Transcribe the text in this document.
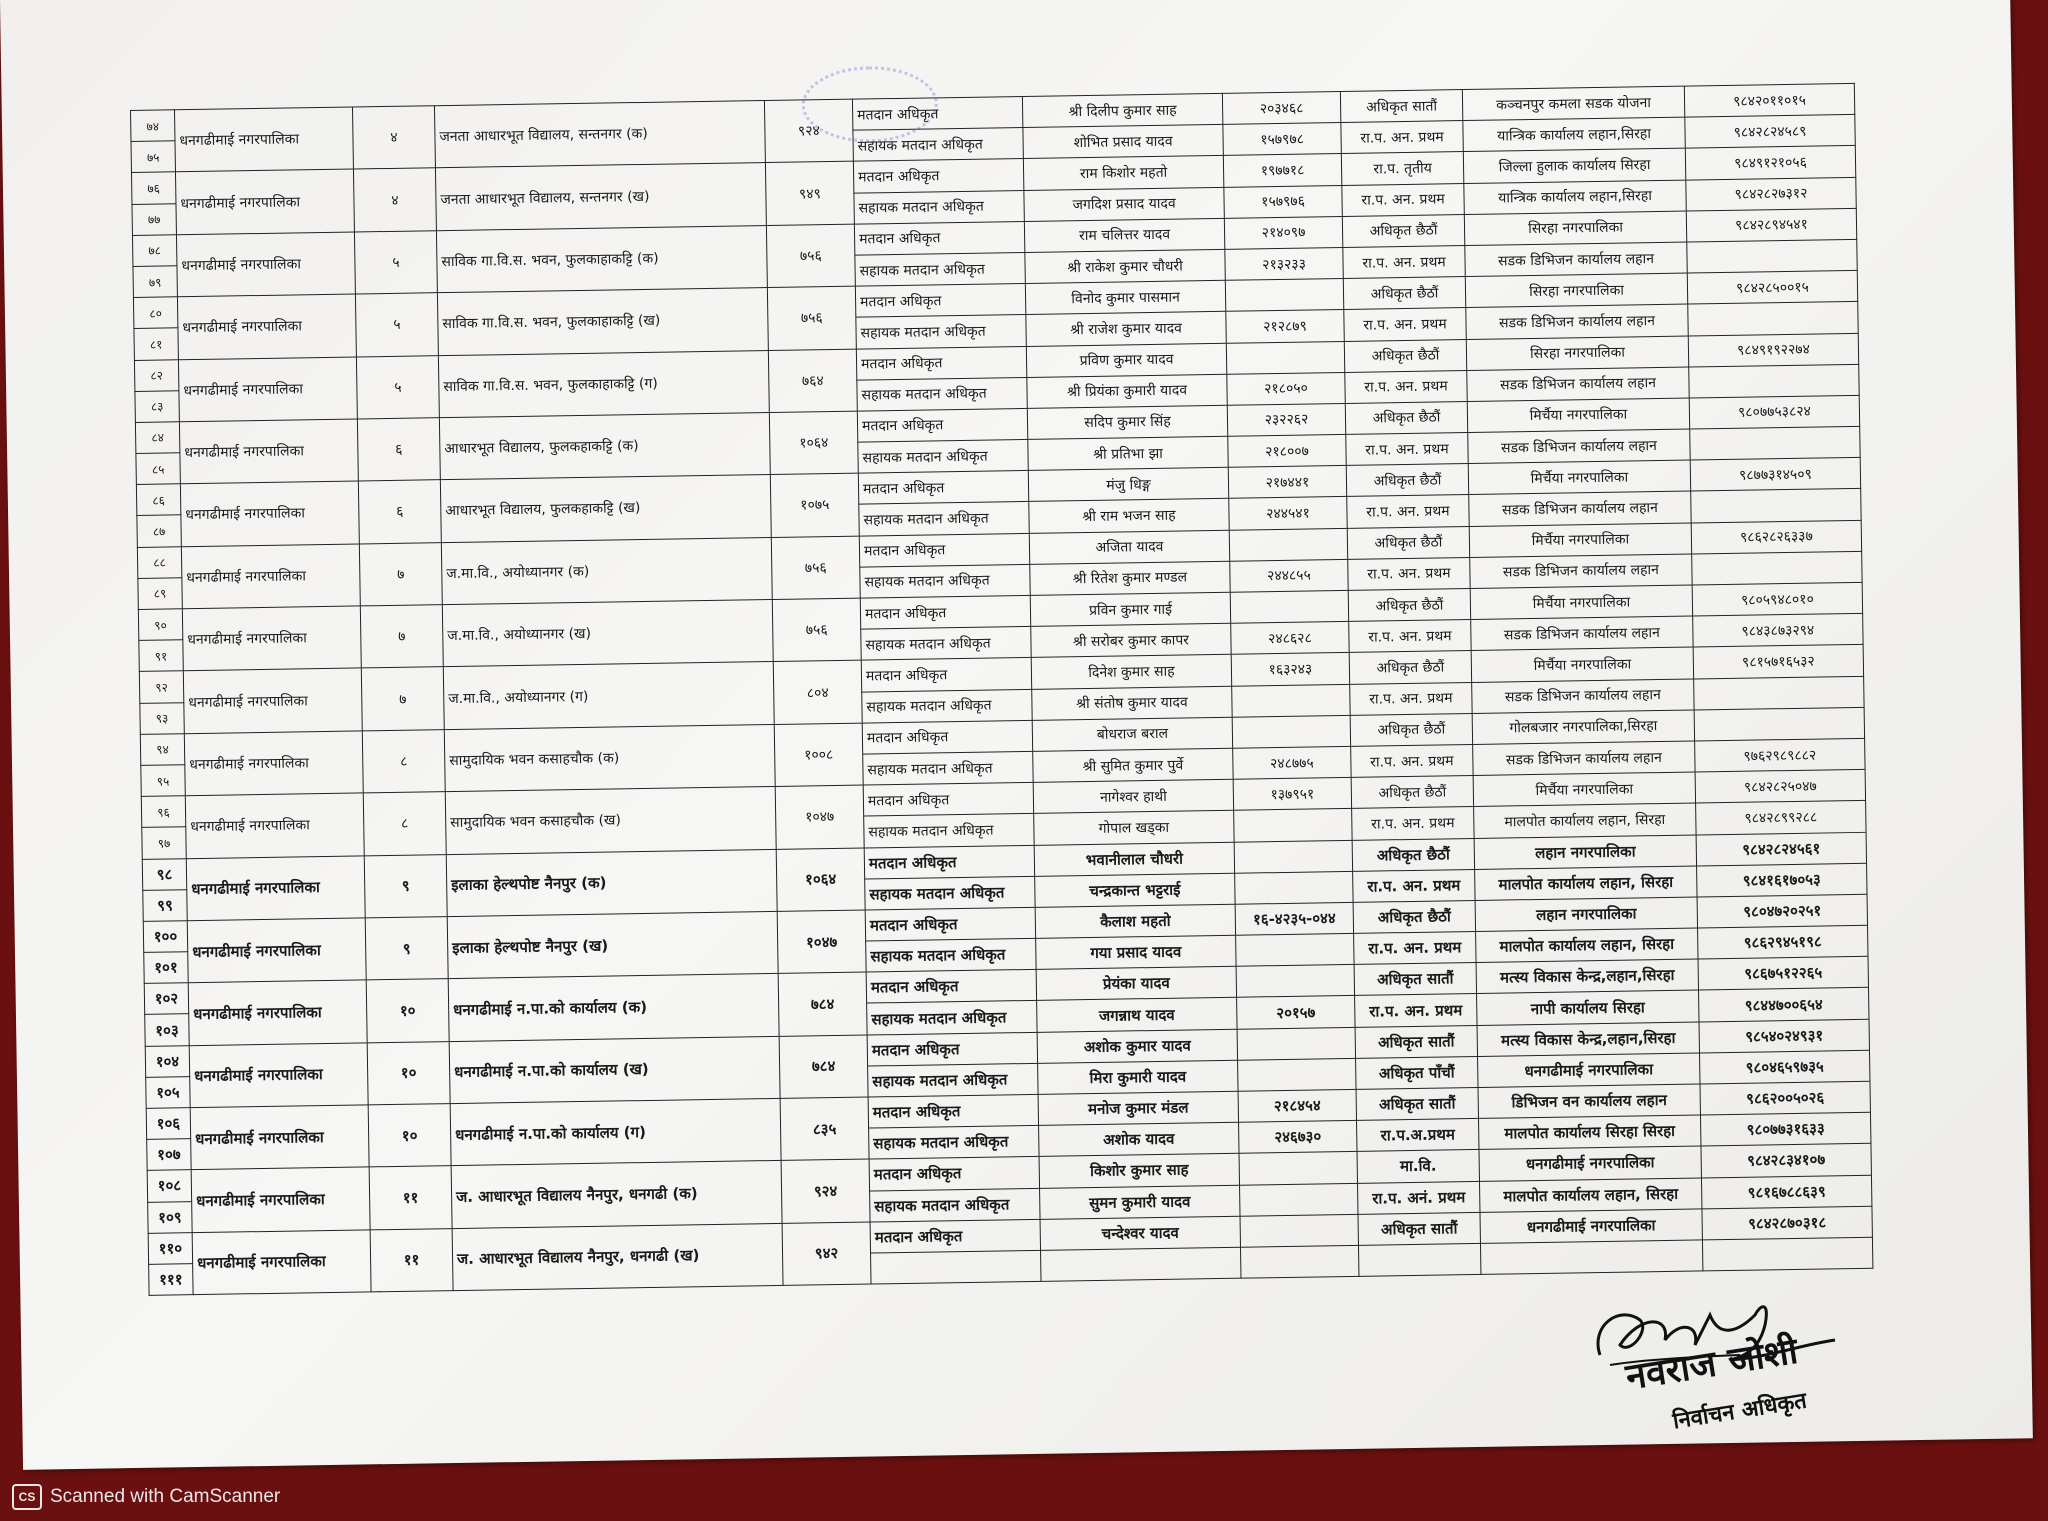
७४	धनगढीमाई नगरपालिका	४	जनता आधारभूत विद्यालय, सन्तनगर (क)	९२४	मतदान अधिकृत	श्री दिलीप कुमार साह	२०३४६८	अधिकृत सातौं	कञ्चनपुर कमला सडक योजना	९८४२०११०१५
७५					सहायक मतदान अधिकृत	शोभित प्रसाद यादव	१५७९७८	रा.प. अन. प्रथम	यान्त्रिक कार्यालय लहान,सिरहा	९८४२८२४५८९
७६	धनगढीमाई नगरपालिका	४	जनता आधारभूत विद्यालय, सन्तनगर (ख)	९४९	मतदान अधिकृत	राम किशोर महतो	१९७७१८	रा.प. तृतीय	जिल्ला हुलाक कार्यालय सिरहा	९८४९१२१०५६
७७					सहायक मतदान अधिकृत	जगदिश प्रसाद यादव	१५७९७६	रा.प. अन. प्रथम	यान्त्रिक कार्यालय लहान,सिरहा	९८४२८२७३१२
७८	धनगढीमाई नगरपालिका	५	साविक गा.वि.स. भवन, फुलकाहाकट्टि (क)	७५६	मतदान अधिकृत	राम चलित्तर यादव	२१४०९७	अधिकृत छैठौं	सिरहा नगरपालिका	९८४२८९४५४१
७९					सहायक मतदान अधिकृत	श्री राकेश कुमार चौधरी	२१३२३३	रा.प. अन. प्रथम	सडक डिभिजन कार्यालय लहान	
८०	धनगढीमाई नगरपालिका	५	साविक गा.वि.स. भवन, फुलकाहाकट्टि (ख)	७५६	मतदान अधिकृत	विनोद कुमार पासमान		अधिकृत छैठौं	सिरहा नगरपालिका	९८४२८५००१५
८१					सहायक मतदान अधिकृत	श्री राजेश कुमार यादव	२१२८७९	रा.प. अन. प्रथम	सडक डिभिजन कार्यालय लहान	
८२	धनगढीमाई नगरपालिका	५	साविक गा.वि.स. भवन, फुलकाहाकट्टि (ग)	७६४	मतदान अधिकृत	प्रविण कुमार यादव		अधिकृत छैठौं	सिरहा नगरपालिका	९८४९१९२२७४
८३					सहायक मतदान अधिकृत	श्री प्रियंका कुमारी यादव	२१८०५०	रा.प. अन. प्रथम	सडक डिभिजन कार्यालय लहान	
८४	धनगढीमाई नगरपालिका	६	आधारभूत विद्यालय, फुलकहाकट्टि (क)	१०६४	मतदान अधिकृत	सदिप कुमार सिंह	२३२२६२	अधिकृत छैठौं	मिर्चैया नगरपालिका	९८०७७५३८२४
८५					सहायक मतदान अधिकृत	श्री प्रतिभा झा	२१८००७	रा.प. अन. प्रथम	सडक डिभिजन कार्यालय लहान	
८६	धनगढीमाई नगरपालिका	६	आधारभूत विद्यालय, फुलकहाकट्टि (ख)	१०७५	मतदान अधिकृत	मंजु धिङ्ग	२१७४४१	अधिकृत छैठौं	मिर्चैया नगरपालिका	९८७७३१४५०९
८७					सहायक मतदान अधिकृत	श्री राम भजन साह	२४४५४१	रा.प. अन. प्रथम	सडक डिभिजन कार्यालय लहान	
८८	धनगढीमाई नगरपालिका	७	ज.मा.वि., अयोध्यानगर (क)	७५६	मतदान अधिकृत	अजिता यादव		अधिकृत छैठौं	मिर्चैया नगरपालिका	९८६२८२६३३७
८९					सहायक मतदान अधिकृत	श्री रितेश कुमार मण्डल	२४४८५५	रा.प. अन. प्रथम	सडक डिभिजन कार्यालय लहान	
९०	धनगढीमाई नगरपालिका	७	ज.मा.वि., अयोध्यानगर (ख)	७५६	मतदान अधिकृत	प्रविन कुमार गाई		अधिकृत छैठौं	मिर्चैया नगरपालिका	९८०५९४८०१०
९१					सहायक मतदान अधिकृत	श्री सरोबर कुमार कापर	२४८६२८	रा.प. अन. प्रथम	सडक डिभिजन कार्यालय लहान	९८४३८७३२९४
९२	धनगढीमाई नगरपालिका	७	ज.मा.वि., अयोध्यानगर (ग)	८०४	मतदान अधिकृत	दिनेश कुमार साह	१६३२४३	अधिकृत छैठौं	मिर्चैया नगरपालिका	९८१५७१६५३२
९३					सहायक मतदान अधिकृत	श्री संतोष कुमार यादव		रा.प. अन. प्रथम	सडक डिभिजन कार्यालय लहान	
९४	धनगढीमाई नगरपालिका	८	सामुदायिक भवन कसाहचौक (क)	१००८	मतदान अधिकृत	बोधराज बराल		अधिकृत छैठौं	गोलबजार नगरपालिका,सिरहा	
९५					सहायक मतदान अधिकृत	श्री सुमित कुमार पुर्वे	२४८७७५	रा.प. अन. प्रथम	सडक डिभिजन कार्यालय लहान	९७६२९८९८८२
९६	धनगढीमाई नगरपालिका	८	सामुदायिक भवन कसाहचौक (ख)	१०४७	मतदान अधिकृत	नागेश्वर हाथी	१३७९५१	अधिकृत छैठौं	मिर्चैया नगरपालिका	९८४२८२५०४७
९७					सहायक मतदान अधिकृत	गोपाल खड्का		रा.प. अन. प्रथम	मालपोत कार्यालय लहान, सिरहा	९८४२८९९२८८
९८	धनगढीमाई नगरपालिका	९	इलाका हेल्थपोष्ट नैनपुर (क)	१०६४	मतदान अधिकृत	भवानीलाल चौधरी		अधिकृत छैठौं	लहान नगरपालिका	९८४२८२४५६१
९९					सहायक मतदान अधिकृत	चन्द्रकान्त भट्टराई		रा.प. अन. प्रथम	मालपोत कार्यालय लहान, सिरहा	९८४१६१७०५३
१००	धनगढीमाई नगरपालिका	९	इलाका हेल्थपोष्ट नैनपुर (ख)	१०४७	मतदान अधिकृत	कैलाश महतो	१६-४२३५-०४४	अधिकृत छैठौं	लहान नगरपालिका	९८०४७२०२५१
१०१					सहायक मतदान अधिकृत	गया प्रसाद यादव		रा.प. अन. प्रथम	मालपोत कार्यालय लहान, सिरहा	९८६२९४५१९८
१०२	धनगढीमाई नगरपालिका	१०	धनगढीमाई न.पा.को कार्यालय (क)	७८४	मतदान अधिकृत	प्रेयंका यादव		अधिकृत सातौं	मत्स्य विकास केन्द्र,लहान,सिरहा	९८६७५१२२६५
१०३					सहायक मतदान अधिकृत	जगन्नाथ यादव	२०१५७	रा.प. अन. प्रथम	नापी कार्यालय सिरहा	९८४४७००६५४
१०४	धनगढीमाई नगरपालिका	१०	धनगढीमाई न.पा.को कार्यालय (ख)	७८४	मतदान अधिकृत	अशोक कुमार यादव		अधिकृत सातौं	मत्स्य विकास केन्द्र,लहान,सिरहा	९८५४०२४९३१
१०५					सहायक मतदान अधिकृत	मिरा कुमारी यादव		अधिकृत पाँचौं	धनगढीमाई नगरपालिका	९८०४६५९७३५
१०६	धनगढीमाई नगरपालिका	१०	धनगढीमाई न.पा.को कार्यालय (ग)	८३५	मतदान अधिकृत	मनोज कुमार मंडल	२१८४५४	अधिकृत सातौं	डिभिजन वन कार्यालय लहान	९८६२००५०२६
१०७					सहायक मतदान अधिकृत	अशोक यादव	२४६७३०	रा.प.अ.प्रथम	मालपोत कार्यालय सिरहा सिरहा	९८०७७३१६३३
१०८	धनगढीमाई नगरपालिका	११	ज. आधारभूत विद्यालय नैनपुर, धनगढी (क)	९२४	मतदान अधिकृत	किशोर कुमार साह		मा.वि.	धनगढीमाई नगरपालिका	९८४२८३४१०७
१०९					सहायक मतदान अधिकृत	सुमन कुमारी यादव		रा.प. अनं. प्रथम	मालपोत कार्यालय लहान, सिरहा	९८१६७८८६३९
११०	धनगढीमाई नगरपालिका	११	ज. आधारभूत विद्यालय नैनपुर, धनगढी (ख)	९४२	मतदान अधिकृत	चन्देश्वर यादव		अधिकृत सातौं	धनगढीमाई नगरपालिका	९८४२८७०३१८
१११										
नवराज जोशी
निर्वाचन अधिकृत
CS Scanned with CamScanner
